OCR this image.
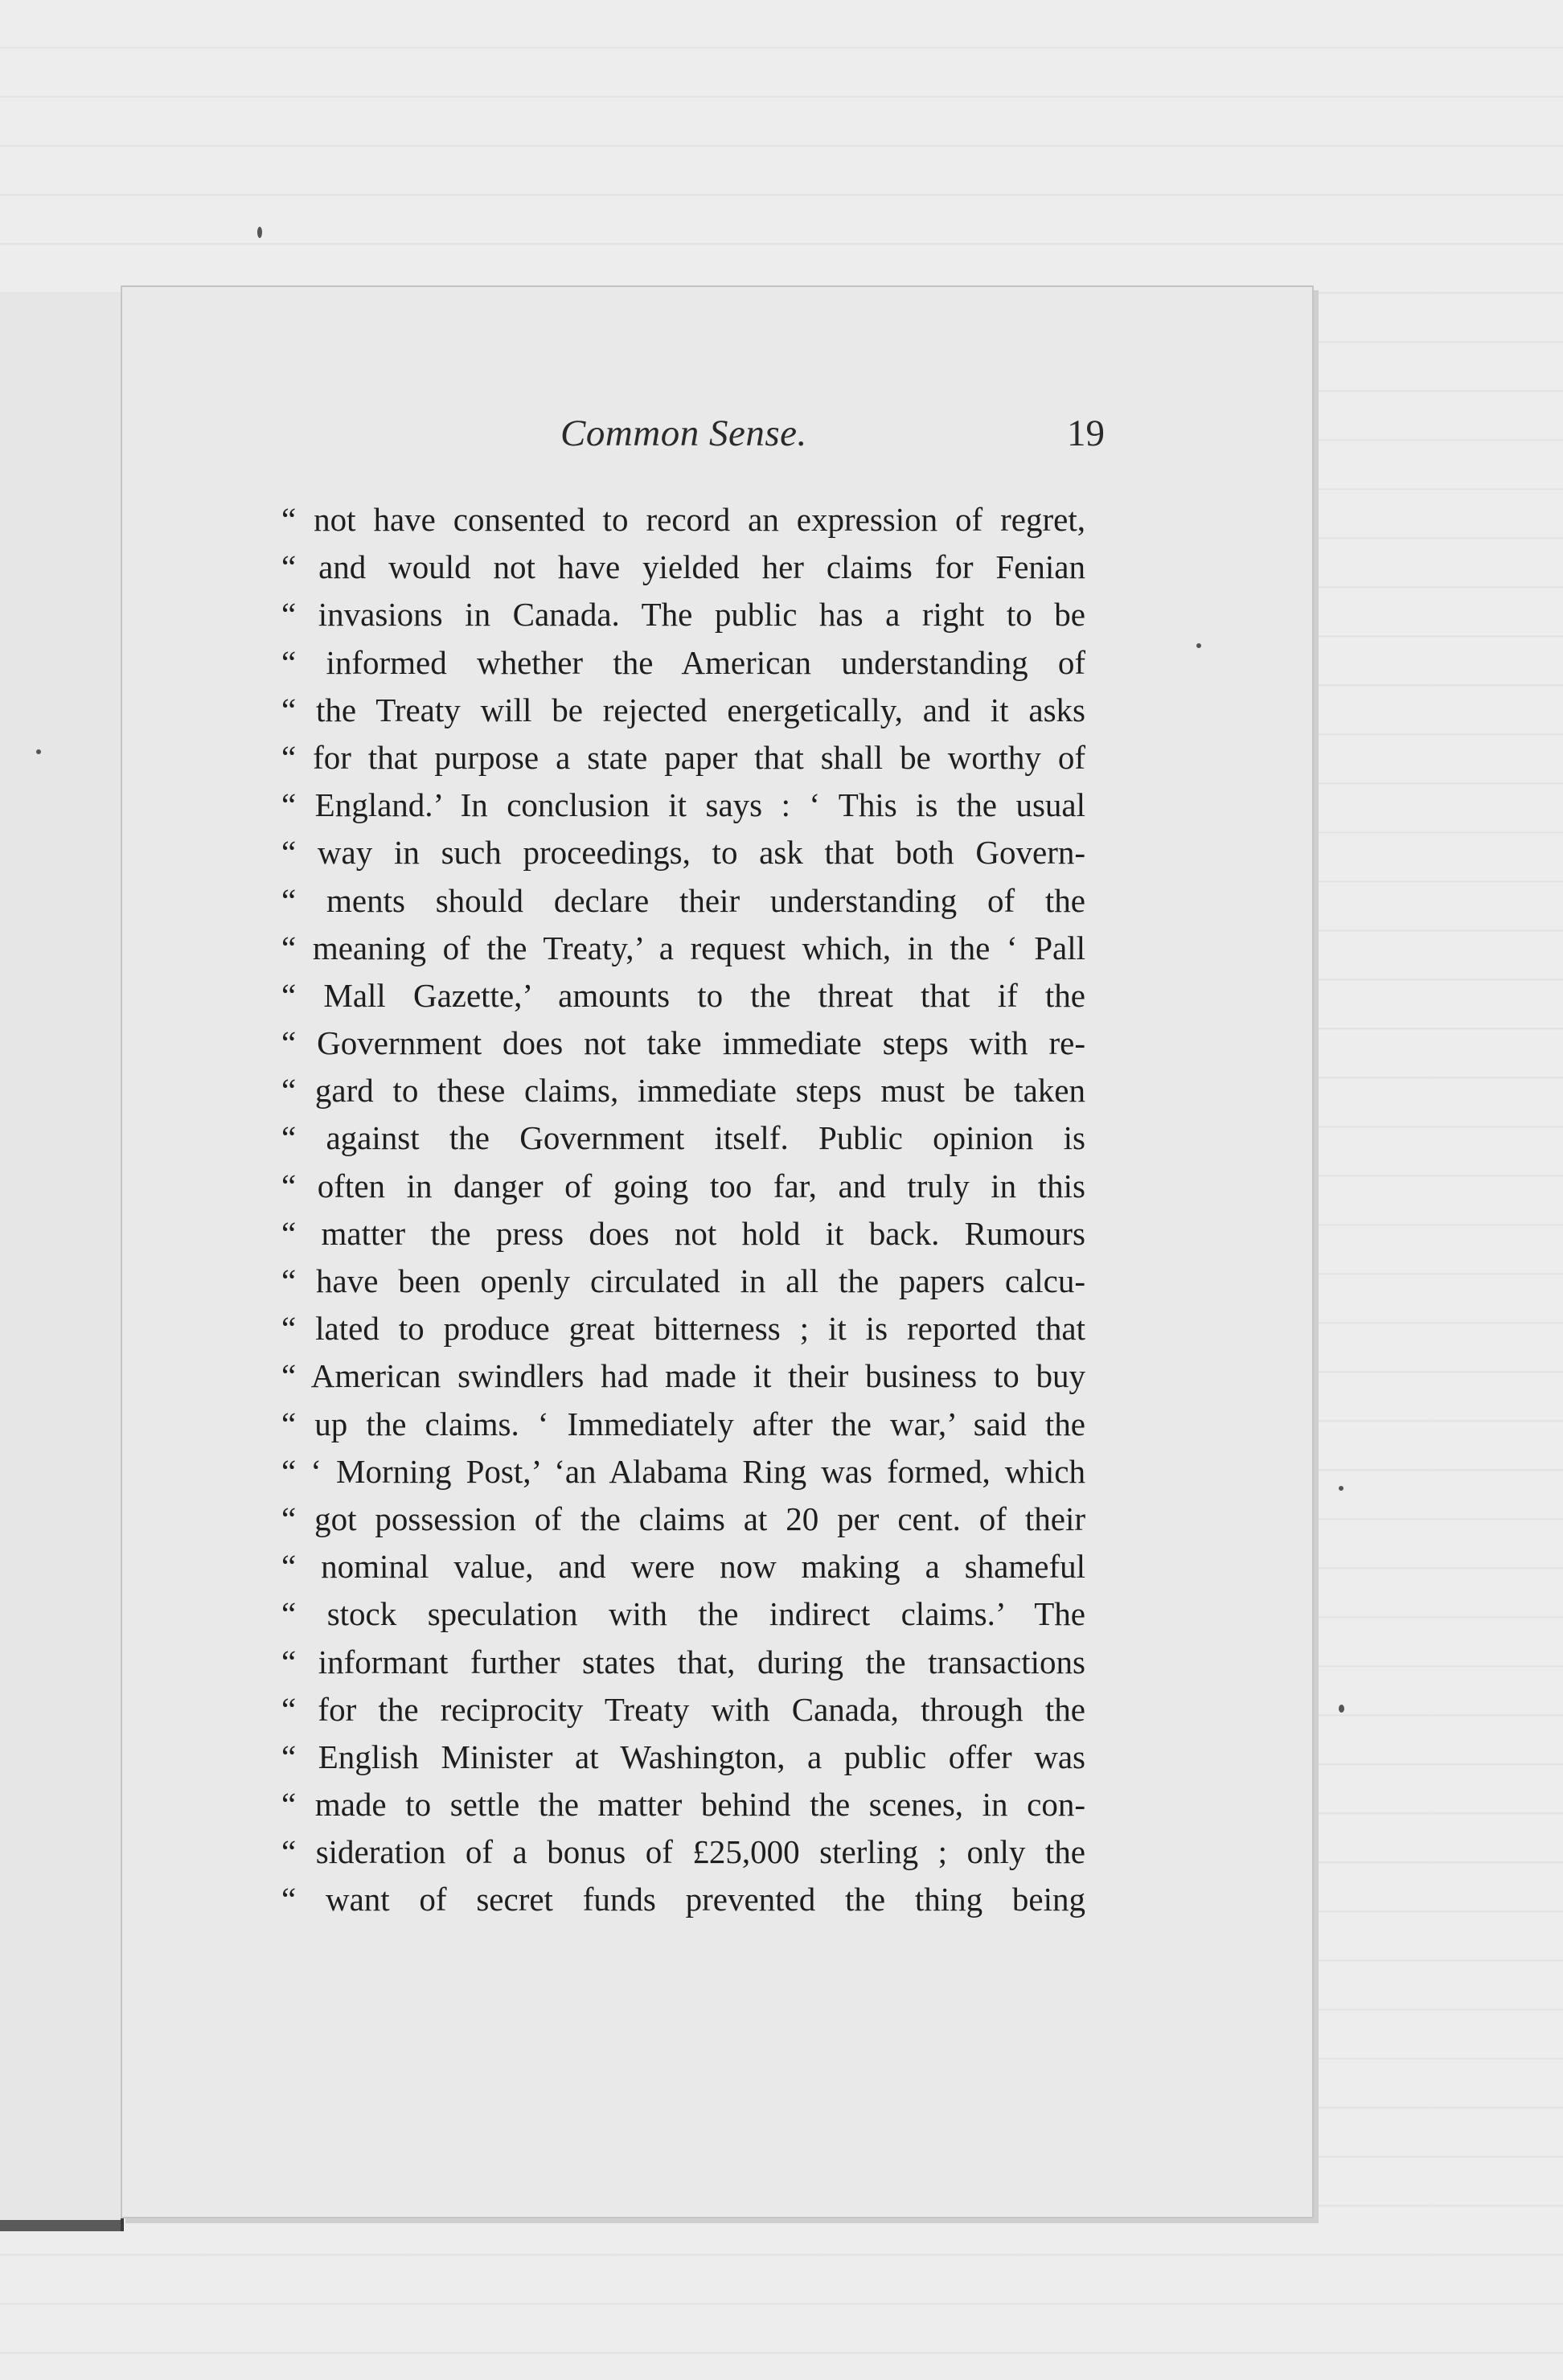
Common Sense.	19
“ not have consented to record an expression of regret,
“ and would not have yielded her claims for Fenian
“ invasions in Canada. The public has a right to be
“ informed whether the American understanding of
“ the Treaty will be rejected energetically, and it asks
“ for that purpose a state paper that shall be worthy of
“ England.’ In conclusion it says : ‘ This is the usual
“ way in such proceedings, to ask that both Govern-
“ ments should declare their understanding of the
“ meaning of the Treaty,’ a request which, in the ‘ Pall
“ Mall Gazette,’ amounts to the threat that if the
“ Government does not take immediate steps with re-
“ gard to these claims, immediate steps must be taken
“ against the Government itself. Public opinion is
“ often in danger of going too far, and truly in this
“ matter the press does not hold it back. Rumours
“ have been openly circulated in all the papers calcu-
“ lated to produce great bitterness ; it is reported that
“ American swindlers had made it their business to buy
“ up the claims. ‘ Immediately after the war,’ said the
“ ‘ Morning Post,’ ‘an Alabama Ring was formed, which
“ got possession of the claims at 20 per cent. of their
“ nominal value, and were now making a shameful
“ stock speculation with the indirect claims.’ The
“ informant further states that, during the transactions
“ for the reciprocity Treaty with Canada, through the
“ English Minister at Washington, a public offer was
“ made to settle the matter behind the scenes, in con-
“ sideration of a bonus of £25,000 sterling ; only the
“ want of secret funds prevented the thing being
